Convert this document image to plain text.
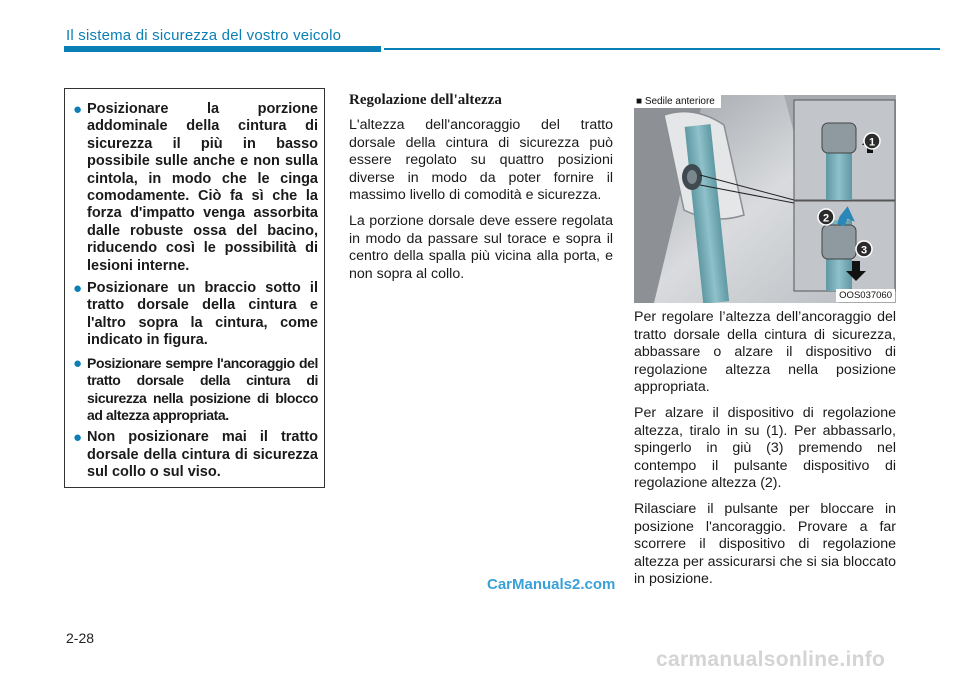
Il sistema di sicurezza del vostro veicolo
● Posizionare la porzione addominale della cintura di sicurezza il più in basso possibile sulle anche e non sulla cintola, in modo che le cinga comodamente. Ciò fa sì che la forza d'impatto venga assorbita dalle robuste ossa del bacino, riducendo così le possibilità di lesioni interne.
● Posizionare un braccio sotto il tratto dorsale della cintura e l'altro sopra la cintura, come indicato in figura.
● Posizionare sempre l'ancoraggio del tratto dorsale della cintura di sicurezza nella posizione di blocco ad altezza appropriata.
● Non posizionare mai il tratto dorsale della cintura di sicurezza sul collo o sul viso.
Regolazione dell'altezza

L'altezza dell'ancoraggio del tratto dorsale della cintura di sicurezza può essere regolato su quattro posizioni diverse in modo da poter fornire il massimo livello di comodità e sicurezza.

La porzione dorsale deve essere regolata in modo da passare sul torace e sopra il centro della spalla più vicina alla porta, e non sopra al collo.

1
2
3
OOS037060
■ Sedile anteriore

Per regolare l’altezza dell’ancoraggio del tratto dorsale della cintura di sicurezza, abbassare o alzare il dispositivo di regolazione altezza nella posizione appropriata.

Per alzare il dispositivo di regolazione altezza, tiralo in su (1). Per abbassarlo, spingerlo in giù (3) premendo nel contempo il pulsante dispositivo di regolazione altezza (2).

Rilasciare il pulsante per bloccare in posizione l'ancoraggio. Provare a far scorrere il dispositivo di regolazione altezza per assicurarsi che si sia bloccato in posizione.

CarManuals2.com
2-28
carmanualsonline.info
